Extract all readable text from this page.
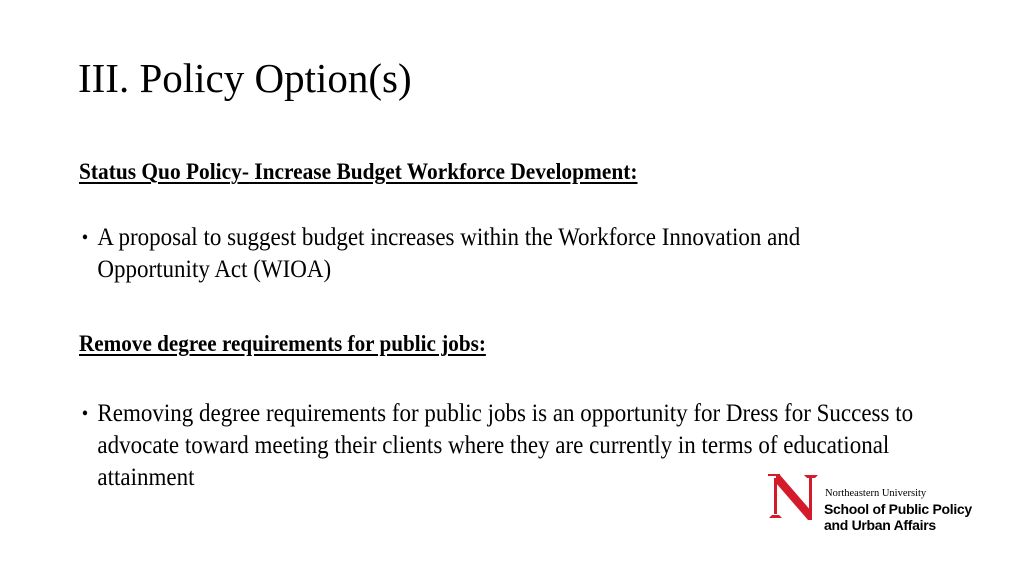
III. Policy Option(s)
Status Quo Policy- Increase Budget Workforce Development:
• A proposal to suggest budget increases within the Workforce Innovation and Opportunity Act (WIOA)
Remove degree requirements for public jobs:
• Removing degree requirements for public jobs is an opportunity for Dress for Success to advocate toward meeting their clients where they are currently in terms of educational attainment
Northeastern University
School of Public Policy
and Urban Affairs
